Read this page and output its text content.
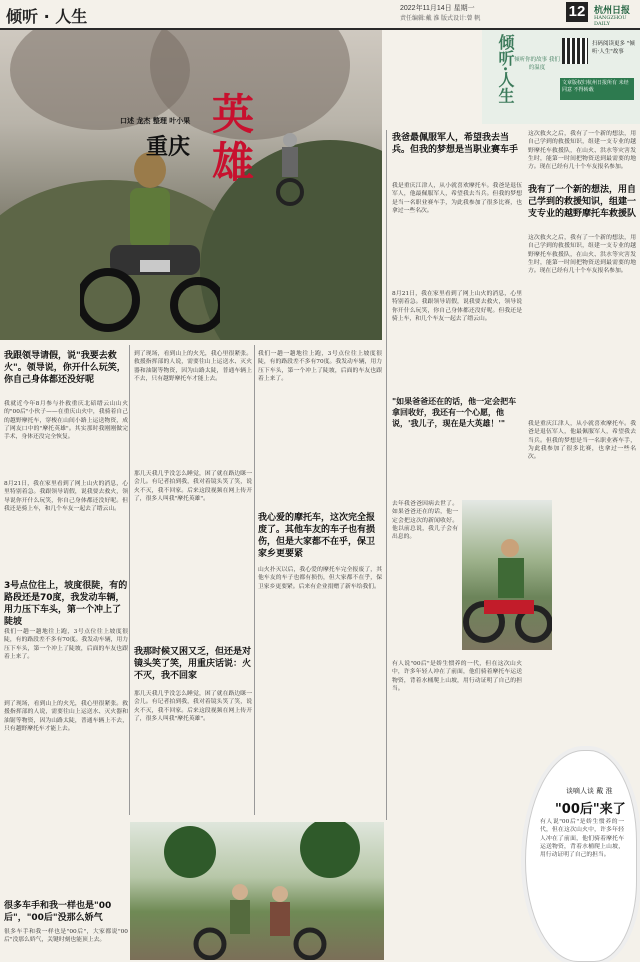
倾听 · 人生	2022年11月14日 星期一
责任编辑:戴 淮 版式设计:曾 帆	12 杭州日报
HANGZHOU DAILY
口述 龙杰 整理 叶小果
重庆 英雄
倾听·人生 倾听你的故事 我们的温度
扫码阅读更多 "倾听·人生"故事
文章版权归杭州日报所有 未经同意 不得转载
我跟领导请假，说"我要去救火"。领导说，你开什么玩笑，你自己身体都还没好呢
我就近今年8月参与扑救重庆北碚缙云山山火的"00后"小伙子——在重庆山火中，我骑着自己的越野摩托车，穿梭在山间小路上运送物资，成了网友口中的"摩托英雄"。其实那时我刚刚做完手术，身体还没完全恢复。
8月21日，我在家里看到了网上山火的消息，心里特别着急。我跟领导请假，说我要去救火，领导说你开什么玩笑，你自己身体都还没好呢。但我还是骑上车，和几个车友一起去了缙云山。
3号点位往上，坡度很陡，有的路段还是70度，我发动车辆，用力压下车头，第一个冲上了陡坡
我们一趟一趟地往上跑，3号点位往上坡度很陡，有的路段差不多有70度。我发动车辆，用力压下车头，第一个冲上了陡坡，后面的车友也跟着上来了。
到了现场，看到山上的火光，我心里很紧张。救援指挥部的人说，需要往山上运送水、灭火器和油锯等物资，因为山路太陡，普通车辆上不去，只有越野摩托车才能上去。
很多车手和我一样也是"00后"，"00后"没那么娇气
很多车手和我一样也是"00后"，大家都说"00后"没那么娇气，关键时刻也能顶上去。
到了现场，看到山上的火光，我心里很紧张。救援指挥部的人说，需要往山上运送水、灭火器和油锯等物资，因为山路太陡，普通车辆上不去，只有越野摩托车才能上去。
那几天我几乎没怎么睡觉，困了就在路边眯一会儿。有记者拍到我，我对着镜头笑了笑，说火不灭，我不回家。后来这段视频在网上传开了，很多人叫我"摩托英雄"。
我那时候又困又乏，但还是对镜头笑了笑，用重庆话说：火不灭，我不回家
那几天我几乎没怎么睡觉，困了就在路边眯一会儿。有记者拍到我，我对着镜头笑了笑，说火不灭，我不回家。后来这段视频在网上传开了，很多人叫我"摩托英雄"。
我们一趟一趟地往上跑，3号点位往上坡度很陡，有的路段差不多有70度。我发动车辆，用力压下车头，第一个冲上了陡坡，后面的车友也跟着上来了。
我心爱的摩托车，这次完全报废了。其他车友的车子也有损伤，但是大家都不在乎，保卫家乡更要紧
山火扑灭以后，我心爱的摩托车完全报废了，其他车友的车子也都有损伤，但大家都不在乎，保卫家乡更要紧。后来有企业捐赠了新车给我们。
我爸最佩服军人，希望我去当兵。但我的梦想是当职业赛车手
我是重庆江津人，从小就喜欢摩托车。我爸是退伍军人，他最佩服军人，希望我去当兵。但我的梦想是当一名职业赛车手，为此我参加了很多比赛，也拿过一些名次。
8月21日，我在家里看到了网上山火的消息，心里特别着急。我跟领导请假，说我要去救火，领导说你开什么玩笑，你自己身体都还没好呢。但我还是骑上车，和几个车友一起去了缙云山。
"如果爸爸还在的话，他一定会把车拿回收好，我还有一个心愿，他说，'我儿子，现在是大英雄！'"
去年我爸爸因病去世了。如果爸爸还在的话，他一定会把这次的新闻收好。他以前总说，我儿子会有出息的。
有人说"00后"是娇生惯养的一代，但在这次山火中，许多年轻人冲在了前面，他们骑着摩托车运送物资，背着水桶爬上山坡，用行动证明了自己的担当。
这次救火之后，我有了一个新的想法，用自己学到的救援知识，组建一支专业的越野摩托车救援队，在山火、洪水等灾害发生时，能第一时间把物资送到最需要的地方。现在已经有几十个车友报名参加。
我有了一个新的想法，用自己学到的救援知识，组建一支专业的越野摩托车救援队
这次救火之后，我有了一个新的想法，用自己学到的救援知识，组建一支专业的越野摩托车救援队，在山火、洪水等灾害发生时，能第一时间把物资送到最需要的地方。现在已经有几十个车友报名参加。
我是重庆江津人，从小就喜欢摩托车。我爸是退伍军人，他最佩服军人，希望我去当兵。但我的梦想是当一名职业赛车手，为此我参加了很多比赛，也拿过一些名次。
谈嘀人谈 戴 淮
"00后"来了
有人说"00后"是娇生惯养的一代，但在这次山火中，许多年轻人冲在了前面，他们骑着摩托车运送物资，背着水桶爬上山坡，用行动证明了自己的担当。
